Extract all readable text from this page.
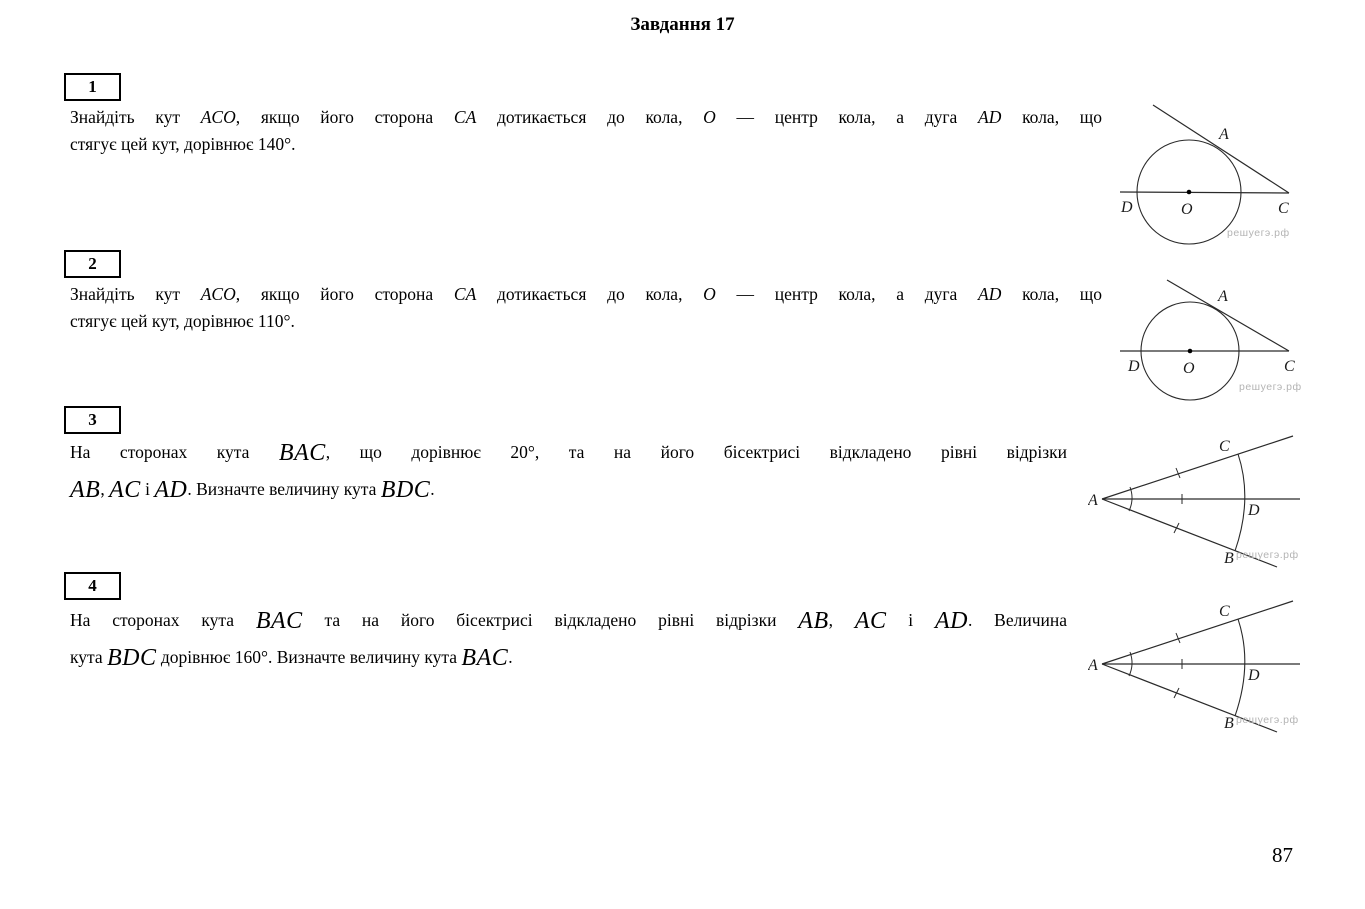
Завдання 17
1
Знайдіть кут ACO, якщо його сторона CA дотикається до кола, O — центр кола, а дуга AD кола, що
стягує цей кут, дорівнює 140°.	A
D	O	C
решуегэ.рф
2
Знайдіть кут ACO, якщо його сторона CA дотикається до кола, O — центр кола, а дуга AD кола, що
стягує цей кут, дорівнює 110°.
A
D	O	C
решуегэ.рф
3
На сторонах кута BAC, що дорівнює 20°, та на його бісектрисі відкладено рівні відрізки
AB, AC і AD. Визначте величину кута BDC.
A
C
D
B решуегэ.рф
4
На сторонах кута BAC та на його бісектрисі відкладено рівні відрізки AB, AC і AD. Величина
кута BDC дорівнює 160°. Визначте величину кута BAC.	A
C
D
B решуегэ.рф
87
